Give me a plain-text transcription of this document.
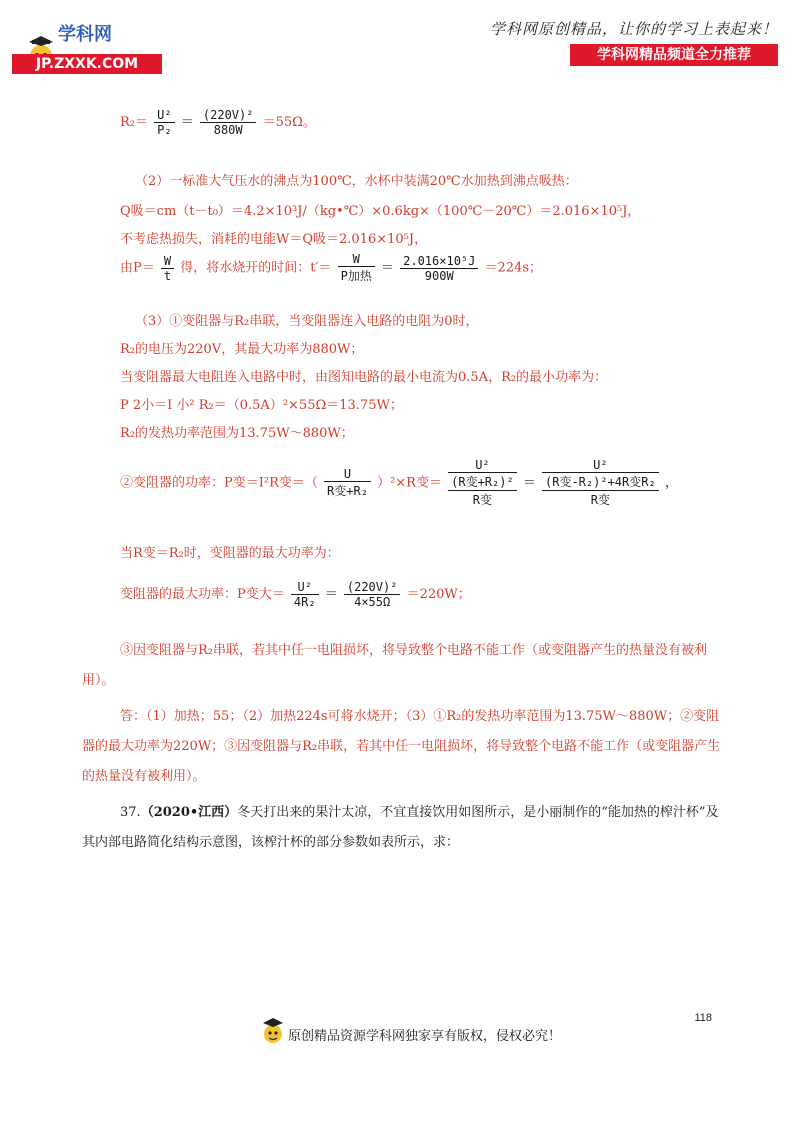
学科网
JP.ZXXK.COM
学科网原创精品，让你的学习上表起来！
学科网精品频道全力推荐
$R_2= \frac{\text{U²}}{\text{P₂}} = \frac{\text{(220V)²}}{880W} =55\Omega$。
（2）一标准大气压水的沸点为100℃，水杯中装满20℃水加热到沸点吸热：
Q吸＝cm（t－t₀）＝4.2×10³J/（kg•℃）×0.6kg×（100℃－20℃）＝2.016×10⁵J，
不考虑热损失，消耗的电能W＝Q吸＝2.016×10⁵J，
由$P= \frac{W}{t}$ 得，将水烧开的时间：$t'= \frac{W}{\text{P加热}} = \frac{\text{2.016×10⁵J}}{900W} =224s$；
（3）①变阻器与R₂串联，当变阻器连入电路的电阻为0时，
R₂的电压为220V，其最大功率为880W；
当变阻器最大电阻连入电路中时，由图知电路的最小电流为0.5A，R₂的最小功率为：
P 2小＝I 小² R₂＝（0.5A）²×55Ω＝13.75W；
R₂的发热功率范围为13.75W～880W；
②变阻器的功率：P变＝I²R变＝（ $\frac{U}{\text{R变+R₂}} )^2\times R$变＝
U²
(R变+R₂)²
R变
＝
U²
(R变-R₂)²+4R变R₂
R变
，
当R变＝R₂时，变阻器的最大功率为：
变阻器的最大功率：P变大＝ $\frac{\text{U²}}{\text{4R₂}} = \frac{\text{(220V)²}}{4\times 55\Omega} =220W$；
③因变阻器与R₂串联，若其中任一电阻损坏，将导致整个电路不能工作（或变阻器产生的热量没有被利用）。
答：（1）加热；55；（2）加热224s可将水烧开；（3）①R₂的发热功率范围为13.75W～880W；②变阻器的最大功率为220W；③因变阻器与R₂串联，若其中任一电阻损坏，将导致整个电路不能工作（或变阻器产生的热量没有被利用）。
37.（2020•江西）冬天打出来的果汁太凉，不宜直接饮用如图所示，是小丽制作的“能加热的榨汁杯”及其内部电路简化结构示意图，该榨汁杯的部分参数如表所示，求：
118
原创精品资源学科网独家享有版权，侵权必究！
